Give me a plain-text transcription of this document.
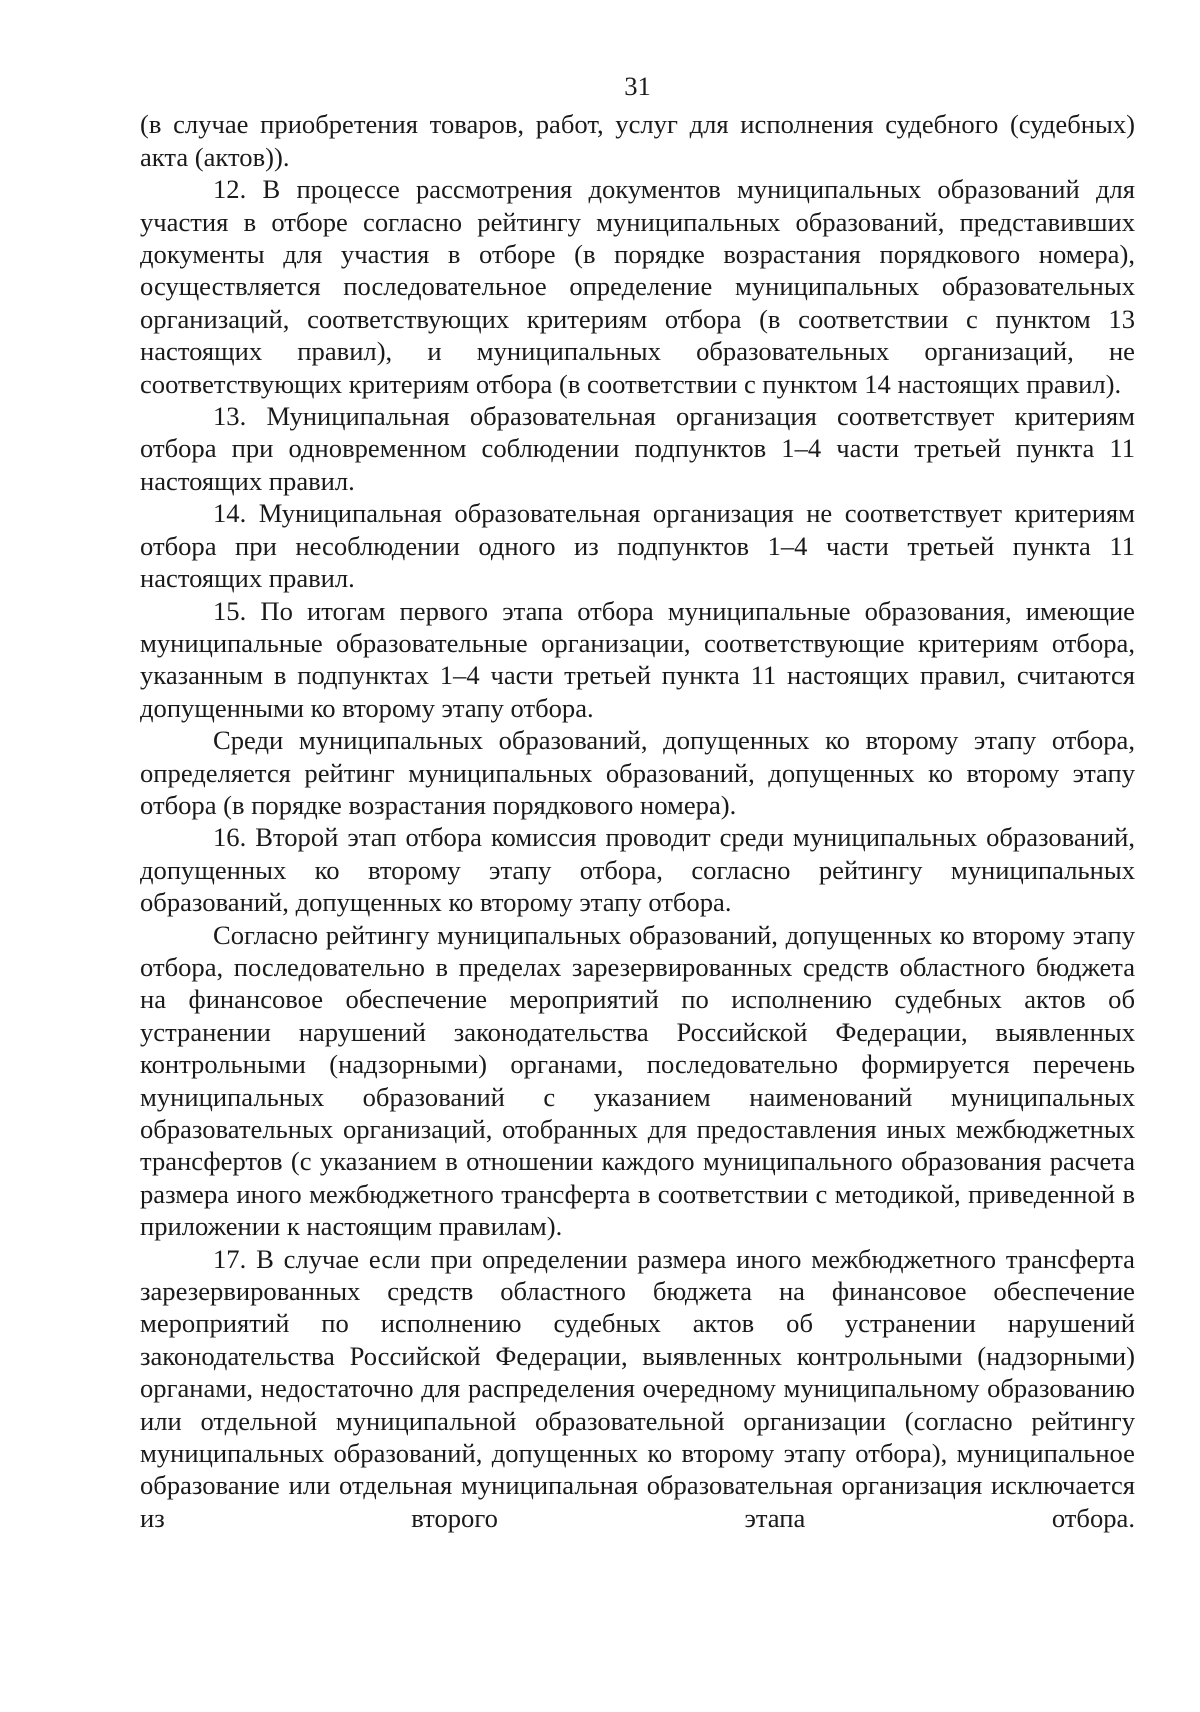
31

(в случае приобретения товаров, работ, услуг для исполнения судебного (судебных) акта (актов)).

12. В процессе рассмотрения документов муниципальных образований для участия в отборе согласно рейтингу муниципальных образований, представивших документы для участия в отборе (в порядке возрастания порядкового номера), осуществляется последовательное определение муниципальных образовательных организаций, соответствующих критериям отбора (в соответствии с пунктом 13 настоящих правил), и муниципальных образовательных организаций, не соответствующих критериям отбора (в соответствии с пунктом 14 настоящих правил).

13. Муниципальная образовательная организация соответствует критериям отбора при одновременном соблюдении подпунктов 1–4 части третьей пункта 11 настоящих правил.

14. Муниципальная образовательная организация не соответствует критериям отбора при несоблюдении одного из подпунктов 1–4 части третьей пункта 11 настоящих правил.

15. По итогам первого этапа отбора муниципальные образования, имеющие муниципальные образовательные организации, соответствующие критериям отбора, указанным в подпунктах 1–4 части третьей пункта 11 настоящих правил, считаются допущенными ко второму этапу отбора.

Среди муниципальных образований, допущенных ко второму этапу отбора, определяется рейтинг муниципальных образований, допущенных ко второму этапу отбора (в порядке возрастания порядкового номера).

16. Второй этап отбора комиссия проводит среди муниципальных образований, допущенных ко второму этапу отбора, согласно рейтингу муниципальных образований, допущенных ко второму этапу отбора.

Согласно рейтингу муниципальных образований, допущенных ко второму этапу отбора, последовательно в пределах зарезервированных средств областного бюджета на финансовое обеспечение мероприятий по исполнению судебных актов об устранении нарушений законодательства Российской Федерации, выявленных контрольными (надзорными) органами, последовательно формируется перечень муниципальных образований с указанием наименований муниципальных образовательных организаций, отобранных для предоставления иных межбюджетных трансфертов (с указанием в отношении каждого муниципального образования расчета размера иного межбюджетного трансферта в соответствии с методикой, приведенной в приложении к настоящим правилам).

17. В случае если при определении размера иного межбюджетного трансферта зарезервированных средств областного бюджета на финансовое обеспечение мероприятий по исполнению судебных актов об устранении нарушений законодательства Российской Федерации, выявленных контрольными (надзорными) органами, недостаточно для распределения очередному муниципальному образованию или отдельной муниципальной образовательной организации (согласно рейтингу муниципальных образований, допущенных ко второму этапу отбора), муниципальное образование или отдельная муниципальная образовательная организация исключается из второго этапа отбора.
